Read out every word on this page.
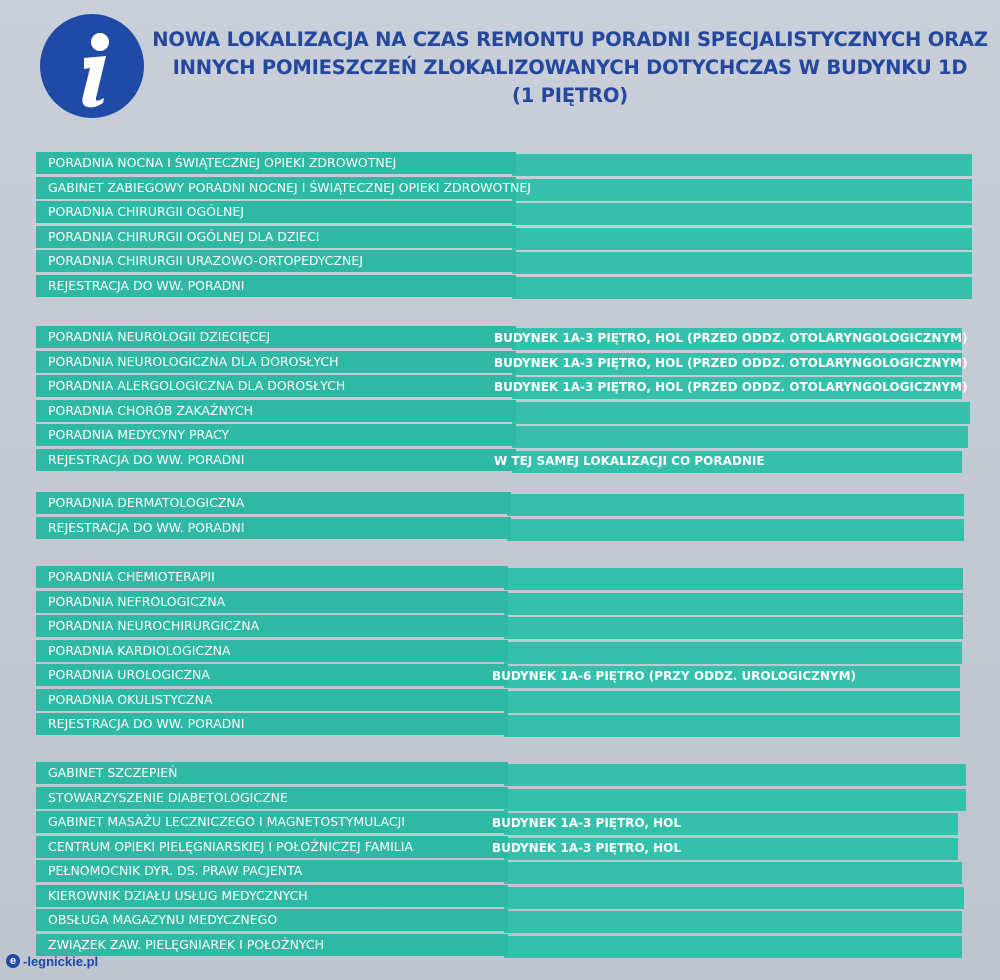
NOWA LOKALIZACJA NA CZAS REMONTU PORADNI SPECJALISTYCZNYCH ORAZ
INNYCH POMIESZCZEŃ ZLOKALIZOWANYCH DOTYCHCZAS W BUDYNKU 1D
(1 PIĘTRO)
PORADNIA NOCNA I ŚWIĄTECZNEJ OPIEKI ZDROWOTNEJ
GABINET ZABIEGOWY PORADNI NOCNEJ I ŚWIĄTECZNEJ OPIEKI ZDROWOTNEJ
PORADNIA CHIRURGII OGÓLNEJ
PORADNIA CHIRURGII OGÓLNEJ DLA DZIECI
PORADNIA CHIRURGII URAZOWO-ORTOPEDYCZNEJ
REJESTRACJA DO WW. PORADNI
PORADNIA NEUROLOGII DZIECIĘCEJ	BUDYNEK 1A-3 PIĘTRO, HOL (PRZED ODDZ. OTOLARYNGOLOGICZNYM)
PORADNIA NEUROLOGICZNA DLA DOROSŁYCH	BUDYNEK 1A-3 PIĘTRO, HOL (PRZED ODDZ. OTOLARYNGOLOGICZNYM)
PORADNIA ALERGOLOGICZNA DLA DOROSŁYCH	BUDYNEK 1A-3 PIĘTRO, HOL (PRZED ODDZ. OTOLARYNGOLOGICZNYM)
PORADNIA CHORÓB ZAKAŹNYCH
PORADNIA MEDYCYNY PRACY
REJESTRACJA DO WW. PORADNI	W TEJ SAMEJ LOKALIZACJI CO PORADNIE
PORADNIA DERMATOLOGICZNA
REJESTRACJA DO WW. PORADNI
PORADNIA CHEMIOTERAPII
PORADNIA NEFROLOGICZNA
PORADNIA NEUROCHIRURGICZNA
PORADNIA KARDIOLOGICZNA
PORADNIA UROLOGICZNA	BUDYNEK 1A-6 PIĘTRO (PRZY ODDZ. UROLOGICZNYM)
PORADNIA OKULISTYCZNA
REJESTRACJA DO WW. PORADNI
GABINET SZCZEPIEŃ
STOWARZYSZENIE DIABETOLOGICZNE
GABINET MASAŻU LECZNICZEGO I MAGNETOSTYMULACJI	BUDYNEK 1A-3 PIĘTRO, HOL
CENTRUM OPIEKI PIELĘGNIARSKIEJ I POŁOŻNICZEJ FAMILIA	BUDYNEK 1A-3 PIĘTRO, HOL
PEŁNOMOCNIK DYR. DS. PRAW PACJENTA
KIEROWNIK DZIAŁU USŁUG MEDYCZNYCH
OBSŁUGA MAGAZYNU MEDYCZNEGO
ZWIĄZEK ZAW. PIELĘGNIAREK I POŁOŻNYCH
e -legnickie.pl
